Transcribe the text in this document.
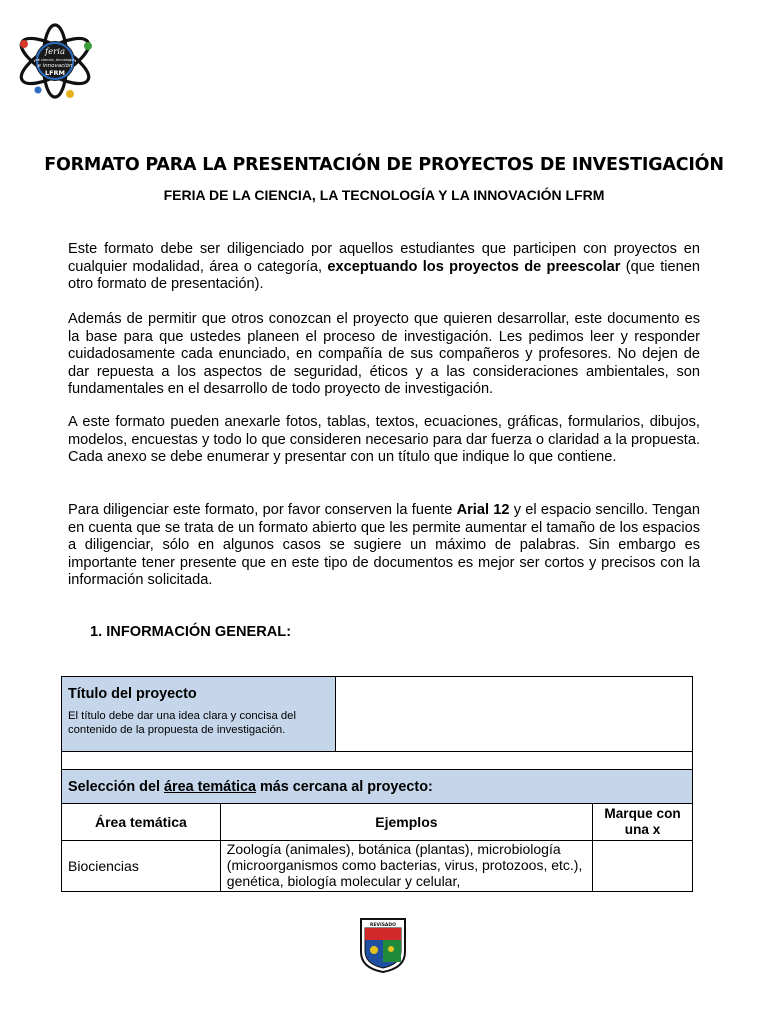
feria
de ciencia, tecnología
e innovación
LFRM
FORMATO PARA LA PRESENTACIÓN DE PROYECTOS DE INVESTIGACIÓN
FERIA DE LA CIENCIA, LA TECNOLOGÍA Y LA INNOVACIÓN LFRM
Este formato debe ser diligenciado por aquellos estudiantes que participen con proyectos en cualquier modalidad, área o categoría, exceptuando los proyectos de preescolar (que tienen otro formato de presentación).
Además de permitir que otros conozcan el proyecto que quieren desarrollar, este documento es la base para que ustedes planeen el proceso de investigación. Les pedimos leer y responder cuidadosamente cada enunciado, en compañía de sus compañeros y profesores. No dejen de dar repuesta a los aspectos de seguridad, éticos y a las consideraciones ambientales, son fundamentales en el desarrollo de todo proyecto de investigación.
A este formato pueden anexarle fotos, tablas, textos, ecuaciones, gráficas, formularios, dibujos, modelos, encuestas y todo lo que consideren necesario para dar fuerza o claridad a la propuesta. Cada anexo se debe enumerar y presentar con un título que indique lo que contiene.
Para diligenciar este formato, por favor conserven la fuente Arial 12 y el espacio sencillo. Tengan en cuenta que se trata de un formato abierto que les permite aumentar el tamaño de los espacios a diligenciar, sólo en algunos casos se sugiere un máximo de palabras. Sin embargo es importante tener presente que en este tipo de documentos es mejor ser cortos y precisos con la información solicitada.
1. INFORMACIÓN GENERAL:
Título del proyecto
El título debe dar una idea clara y concisa del contenido de la propuesta de investigación.			

Selección del área temática más cercana al proyecto:			
Área temática	Ejemplos		Marque con una x
Biociencias	Zoología (animales), botánica (plantas), microbiología (microorganismos como bacterias, virus, protozoos, etc.), genética, biología molecular y celular,		
REVISADO
